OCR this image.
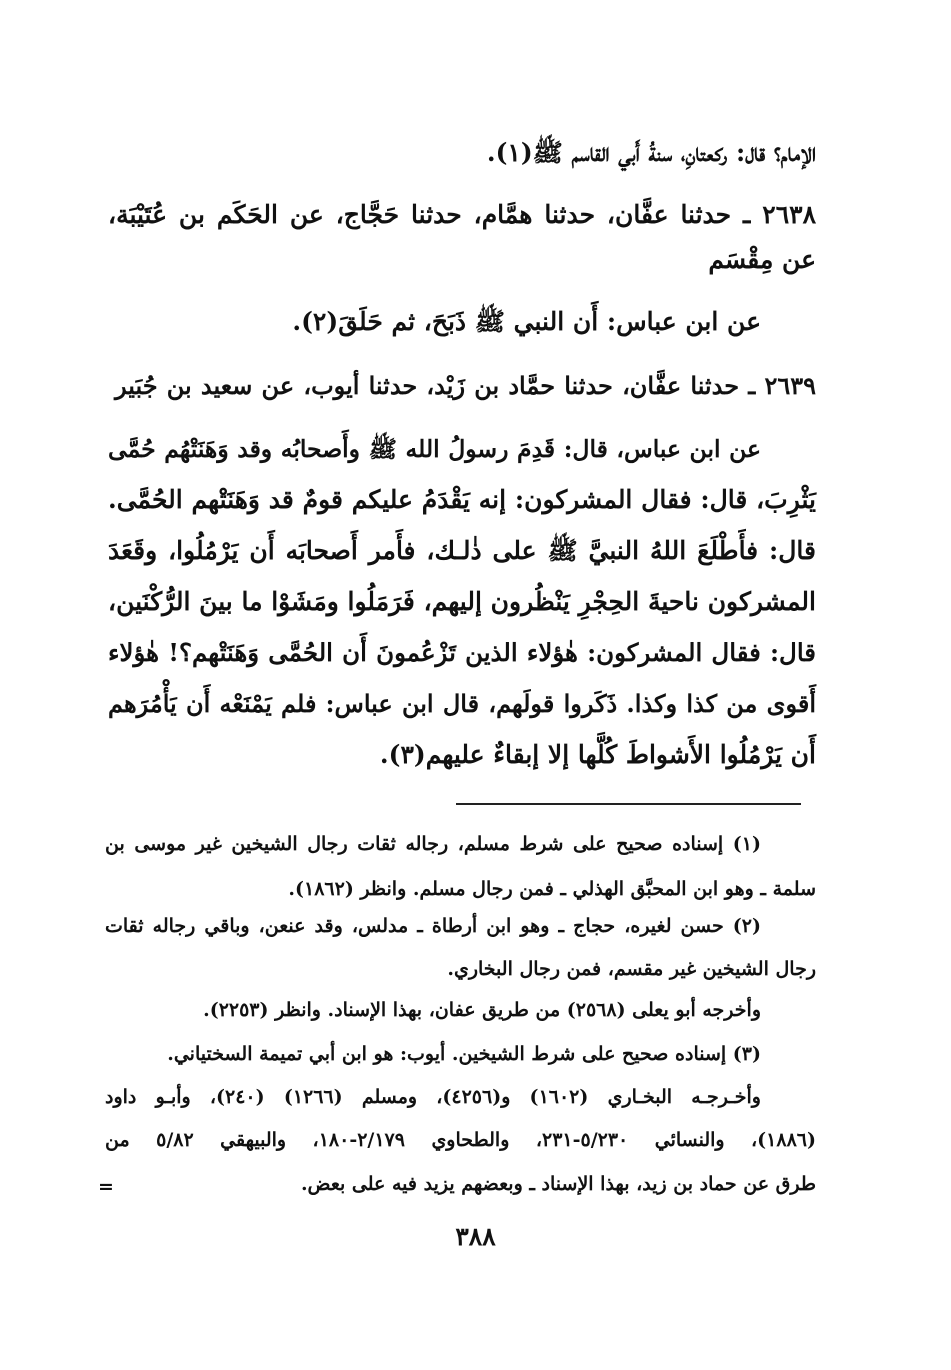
الإمام؟ قال: ركعتانِ، سنةُ أَبي القاسم ﷺ(١).
٢٦٣٨ ـ حدثنا عفَّان، حدثنا همَّام، حدثنا حَجَّاج، عن الحَكَم بن عُتَيْبَة،
عن مِقْسَم
عن ابن عباس: أَن النبي ﷺ ذَبَحَ، ثم حَلَقَ(٢).
٢٦٣٩ ـ حدثنا عفَّان، حدثنا حمَّاد بن زَيْد، حدثنا أيوب، عن سعيد بن جُبَير
عن ابن عباس، قال: قَدِمَ رسولُ الله ﷺ وأَصحابُه وقد وَهَنَتْهُم حُمَّى
يَثْرِبَ، قال: فقال المشركون: إنه يَقْدَمُ عليكم قومٌ قد وَهَنَتْهم الحُمَّى.
قال: فأَطْلَعَ اللهُ النبيَّ ﷺ على ذٰلـك، فأَمر أَصحابَه أَن يَرْمُلُوا، وقَعَدَ
المشركون ناحيةَ الحِجْرِ يَنْظُرون إليهم، فَرَمَلُوا ومَشَوْا ما بينَ الرُّكْنَين،
قال: فقال المشركون: هٰؤلاء الذين تَزْعُمونَ أَن الحُمَّى وَهَنَتْهم؟! هٰؤلاء
أَقوى من كذا وكذا. ذَكَروا قولَهم، قال ابن عباس: فلم يَمْنَعْه أَن يَأْمُرَهم
أَن يَرْمُلُوا الأَشواطَ كُلَّها إلا إبقاءٌ عليهم(٣).
(١) إسناده صحيح على شرط مسلم، رجاله ثقات رجال الشيخين غير موسى بن
سلمة ـ وهو ابن المحبَّق الهذلي ـ فمن رجال مسلم. وانظر (١٨٦٢).
(٢) حسن لغيره، حجاج ـ وهو ابن أرطاة ـ مدلس، وقد عنعن، وباقي رجاله ثقات
رجال الشيخين غير مقسم، فمن رجال البخاري.
وأخرجه أبو يعلى (٢٥٦٨) من طريق عفان، بهذا الإسناد. وانظر (٢٢٥٣).
(٣) إسناده صحيح على شرط الشيخين. أيوب: هو ابن أبي تميمة السختياني.
وأخـرجـه البخـاري (١٦٠٢) و(٤٢٥٦)، ومسلم (١٢٦٦) (٢٤٠)، وأبـو داود
(١٨٨٦)، والنسائي ٥/٢٣٠-٢٣١، والطحاوي ٢/١٧٩-١٨٠، والبيهقي ٥/٨٢ من
طرق عن حماد بن زيد، بهذا الإسناد ـ وبعضهم يزيد فيه على بعض.
=
٣٨٨
